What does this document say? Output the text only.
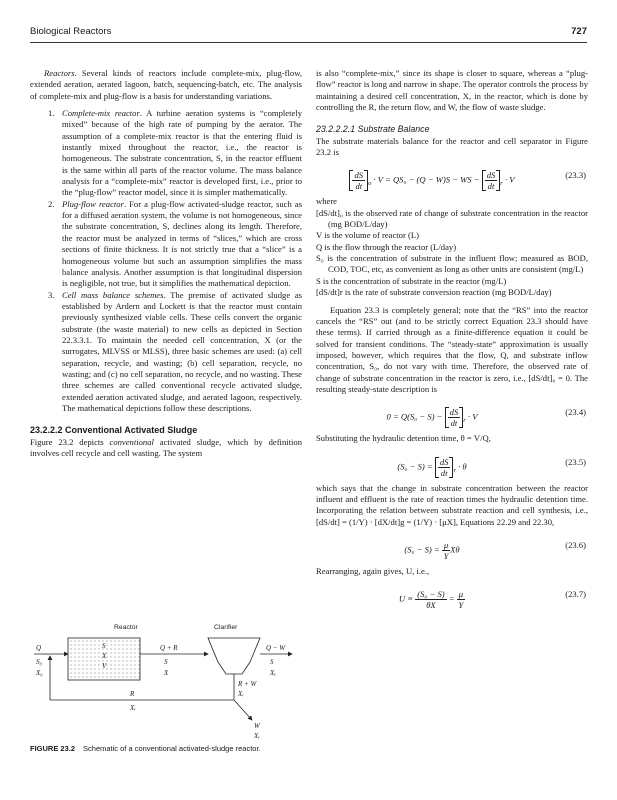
Biological Reactors	727

Reactors. Several kinds of reactors include complete-mix, plug-flow, extended aeration, aerated lagoon, batch, sequencing-batch, etc. The analysis of complete-mix and plug-flow is a basis for understanding variations.

1. Complete-mix reactor. A turbine aeration systems is “completely mixed” because of the high rate of pumping by the aerator. The assumption of a complete-mix reactor is that the entering fluid is instantly mixed throughout the reactor, i.e., the reactor is homogeneous. The substrate concentration, S, in the reactor effluent is the same within all parts of the reactor volume. The mass balance analysis for a “complete-mix” reactor is developed first, i.e., prior to the “plug-flow” reactor model, since it is simpler mathematically.
2. Plug-flow reactor. For a plug-flow activated-sludge reactor, such as for a diffused aeration system, the volume is not homogeneous, since the substrate concentration, S, declines along its length. Therefore, the reactor must be analyzed in terms of “slices,” which are cross sections of finite thickness. It is not strictly true that a “slice” is a homogeneous volume but such an assumption simplifies the mass balance analysis. Another assumption is that longitudinal dispersion is negligible, not true, but it simplifies the mathematical depiction.
3. Cell mass balance schemes. The premise of activated sludge as established by Ardern and Lockett is that the reactor must contain previously synthesized viable cells. These cells convert the organic substrate (the waste material) to new cells as depicted in Section 22.3.3.1. To maintain the needed cell concentration, X (or the surrogates, MLVSS or MLSS), three basic schemes are used: (a) cell separation, recycle, and wasting; (b) cell separation, recycle, no wasting; and (c) no cell separation, no recycle, and no wasting. These three schemes are called conventional recycle activated sludge, extended aeration activated sludge, and aerated lagoon, respectively. The mathematical depictions follow these descriptions.

23.2.2.2 Conventional Activated Sludge

Figure 23.2 depicts conventional activated sludge, which by definition involves cell recycle and cell wasting. The system

is also “complete-mix,” since its shape is closer to square, whereas a “plug-flow” reactor is long and narrow in shape. The operator controls the process by maintaining a desired cell concentration, X, in the reactor, which is done by controlling the R, the return flow, and W, the flow of waste sludge.

23.2.2.2.1 Substrate Balance

The substrate materials balance for the reactor and cell separator in Figure 23.2 is

$\frac{dS}{dt} _o \cdot V = QS_0 - (Q - W)S$ − WS − $\frac{dS}{dt} _r \cdot V$	(23.3)

where

[dS/dt]₀ is the observed rate of change of substrate concentration in the reactor (mg BOD/L/day)
V is the volume of reactor (L)
Q is the flow through the reactor (L/day)
S₀ is the concentration of substrate in the influent flow; measured as BOD, COD, TOC, etc, as convenient as long as other units are consistent (mg/L)
S is the concentration of substrate in the reactor (mg/L)
[dS/dt]r is the rate of substrate conversion reaction (mg BOD/L/day)

Equation 23.3 is completely general; note that the “RS” into the reactor cancels the “RS” out (and to be strictly correct Equation 23.3 should have these terms). If carried through as a finite-difference equation it could be solved for transient conditions. The “steady-state” approximation is usually imposed, however, which requires that the flow, Q, and substrate inflow concentration, S₀, do not vary with time. Therefore, the observed rate of change of substrate concentration in the reactor is zero, i.e., [dS/dt]₀ = 0. The resulting steady-state description is

$0 = Q(S_0 - S) - \frac{dS}{dt} _r \cdot V$	(23.4)

Substituting the hydraulic detention time, θ = V/Q,

$(S_0 - S) = \frac{dS}{dt} _r \cdot \theta$	(23.5)

which says that the change in substrate concentration between the reactor influent and effluent is the rate of reaction times the hydraulic detention time. Incorporating the relation between substrate reaction and cell synthesis, i.e., [dS/dt] = (1/Y) · [dX/dt]g = (1/Y) · [μX], Equations 22.29 and 22.30,

$(S_0 - S) = \frac{\mu}{Y}$ Xθ	(23.6)

Rearranging, again gives, U, i.e.,

$U \equiv \frac{\text{(S₀ − S)}}{\theta X} = \frac{\mu}{Y}$	(23.7)
Reactor	Clarifier
Q
S₀
X₀
S
X
V
Q + R
S
X
Q − W
S
Xₑ
R + W
Xᵣ
R
Xᵣ
W
Xᵣ
FIGURE 23.2 Schematic of a conventional activated-sludge reactor.
